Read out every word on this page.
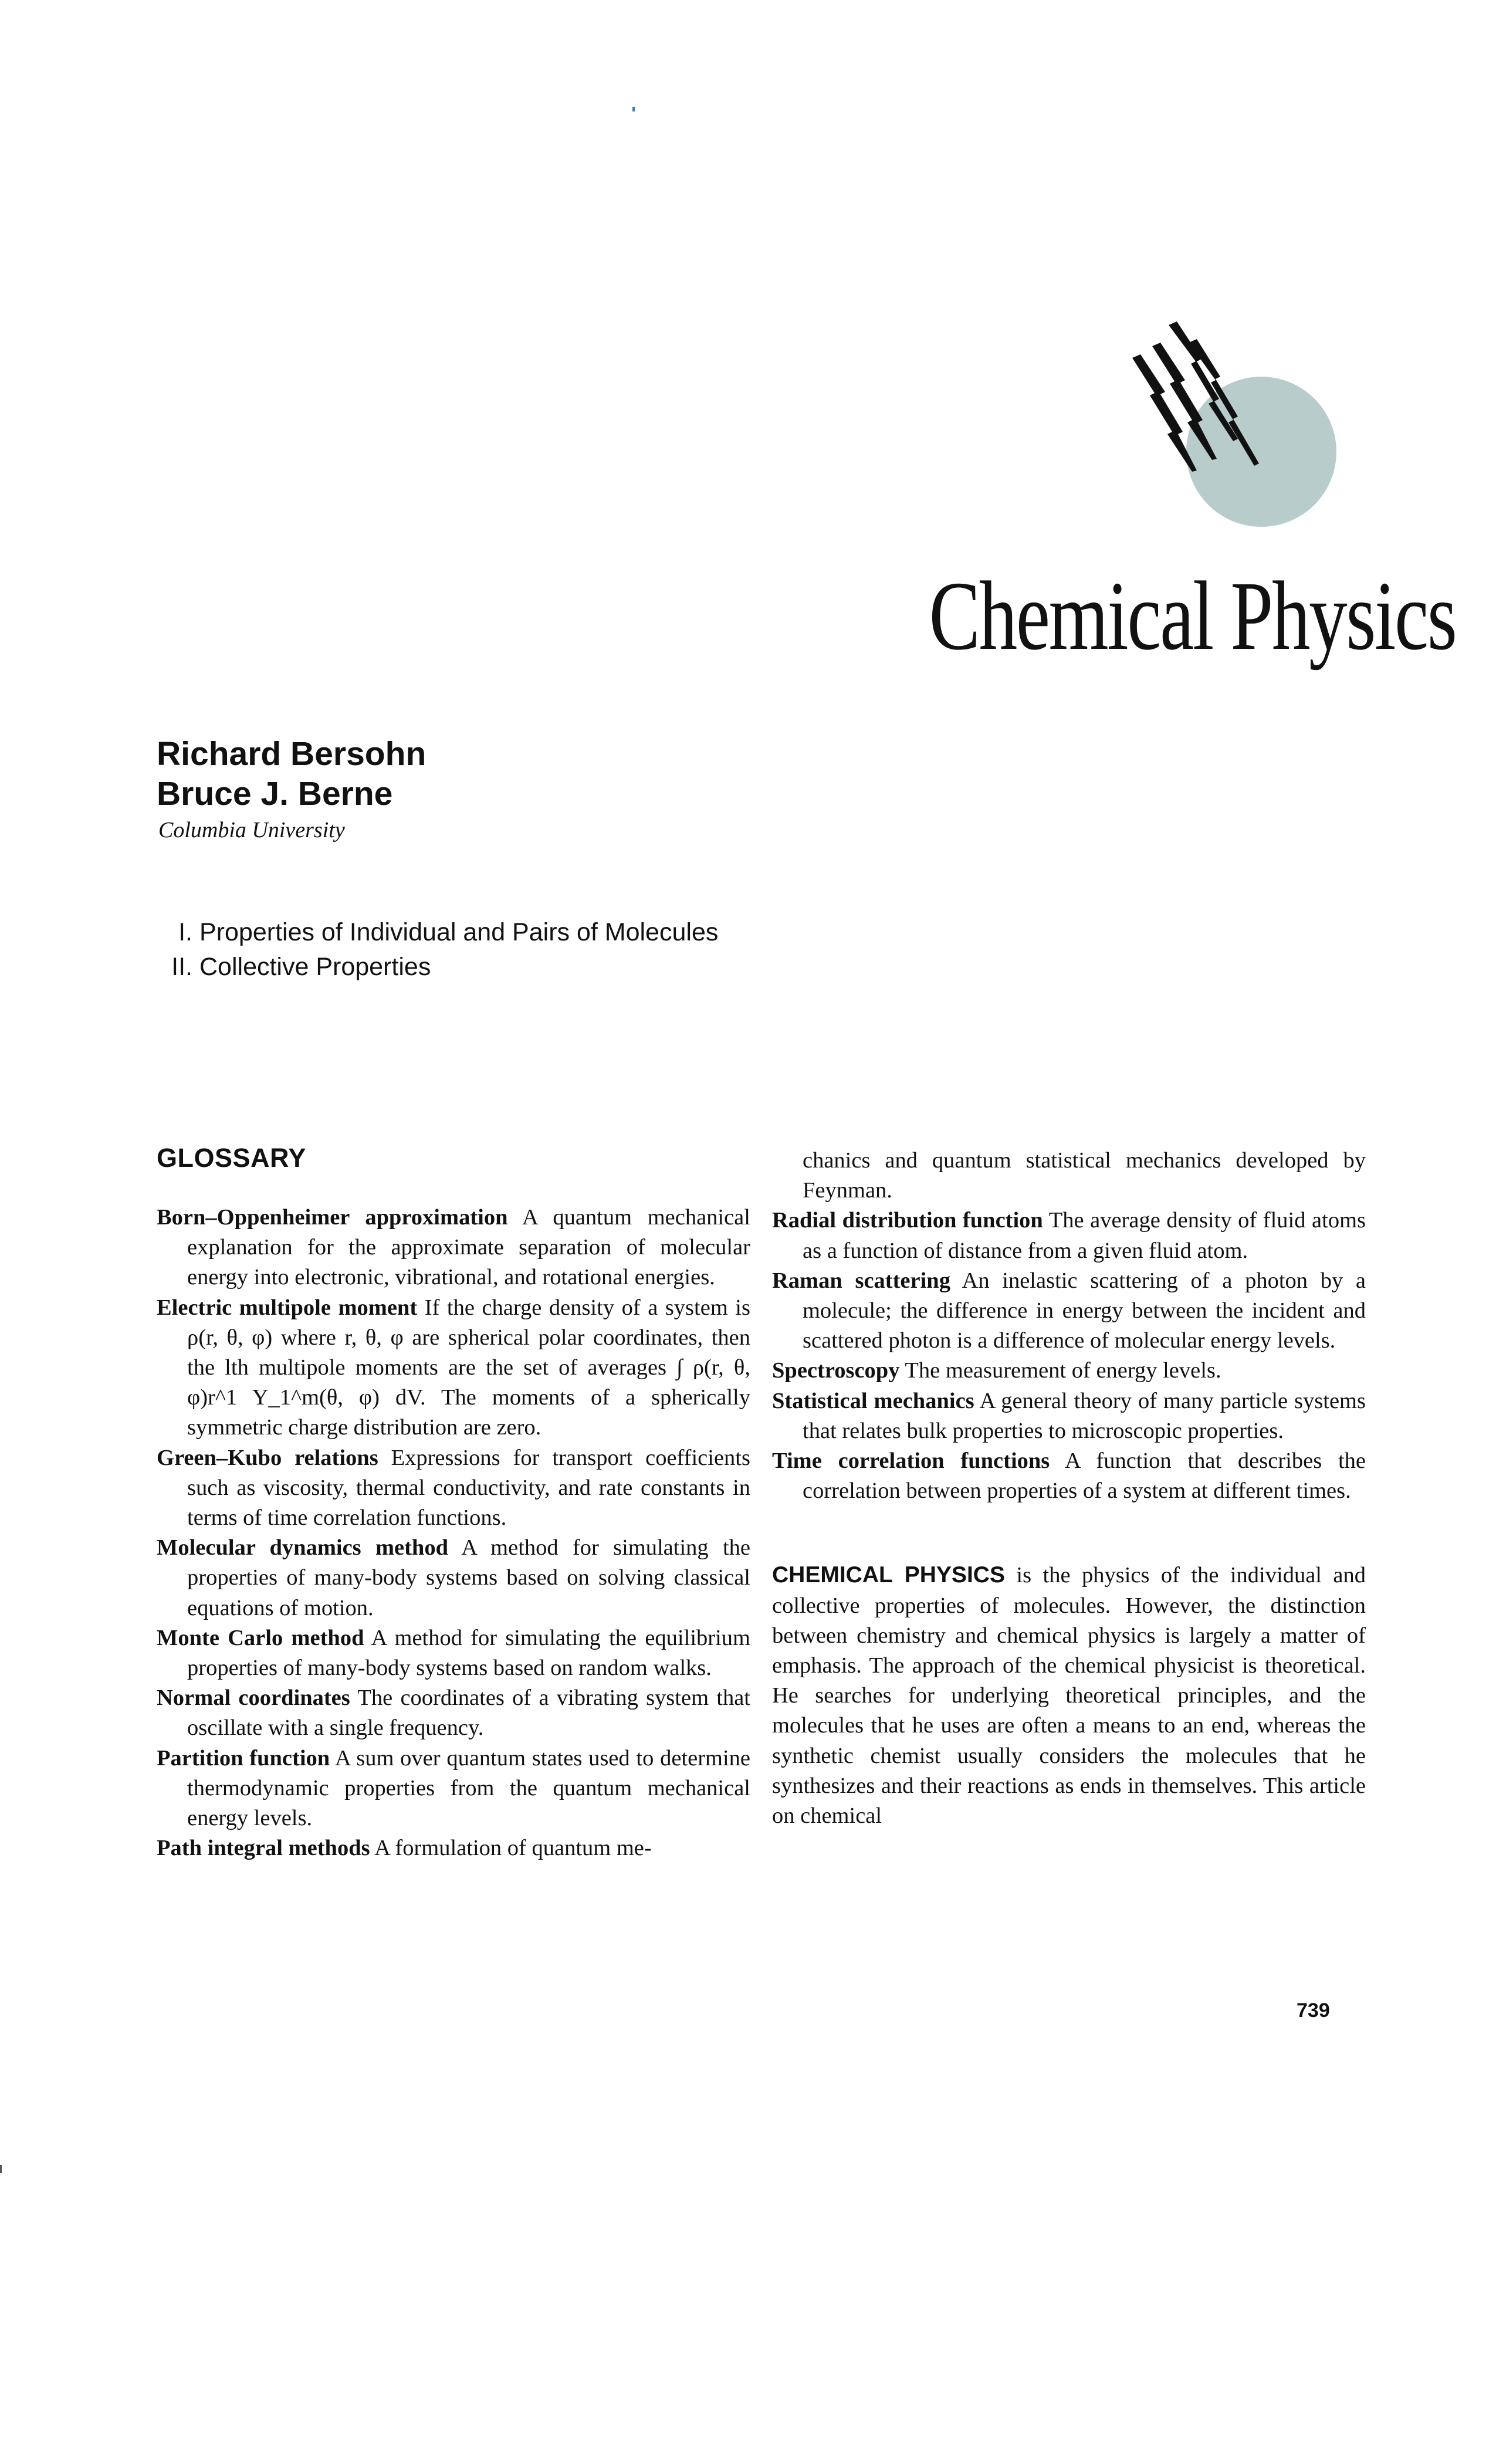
Chemical Physics
Richard Bersohn
Bruce J. Berne
Columbia University
I. Properties of Individual and Pairs of Molecules
II. Collective Properties
GLOSSARY
Born–Oppenheimer approximation A quantum mechanical explanation for the approximate separation of molecular energy into electronic, vibrational, and rotational energies.
Electric multipole moment If the charge density of a system is ρ(r, θ, φ) where r, θ, φ are spherical polar coordinates, then the lth multipole moments are the set of averages ∫ ρ(r, θ, φ)r^1 Y_1^m(θ, φ) dV. The moments of a spherically symmetric charge distribution are zero.
Green–Kubo relations Expressions for transport coefficients such as viscosity, thermal conductivity, and rate constants in terms of time correlation functions.
Molecular dynamics method A method for simulating the properties of many-body systems based on solving classical equations of motion.
Monte Carlo method A method for simulating the equilibrium properties of many-body systems based on random walks.
Normal coordinates The coordinates of a vibrating system that oscillate with a single frequency.
Partition function A sum over quantum states used to determine thermodynamic properties from the quantum mechanical energy levels.
Path integral methods A formulation of quantum me-
chanics and quantum statistical mechanics developed by Feynman.
Radial distribution function The average density of fluid atoms as a function of distance from a given fluid atom.
Raman scattering An inelastic scattering of a photon by a molecule; the difference in energy between the incident and scattered photon is a difference of molecular energy levels.
Spectroscopy The measurement of energy levels.
Statistical mechanics A general theory of many particle systems that relates bulk properties to microscopic properties.
Time correlation functions A function that describes the correlation between properties of a system at different times.
CHEMICAL PHYSICS is the physics of the individual and collective properties of molecules. However, the distinction between chemistry and chemical physics is largely a matter of emphasis. The approach of the chemical physicist is theoretical. He searches for underlying theoretical principles, and the molecules that he uses are often a means to an end, whereas the synthetic chemist usually considers the molecules that he synthesizes and their reactions as ends in themselves. This article on chemical
739
